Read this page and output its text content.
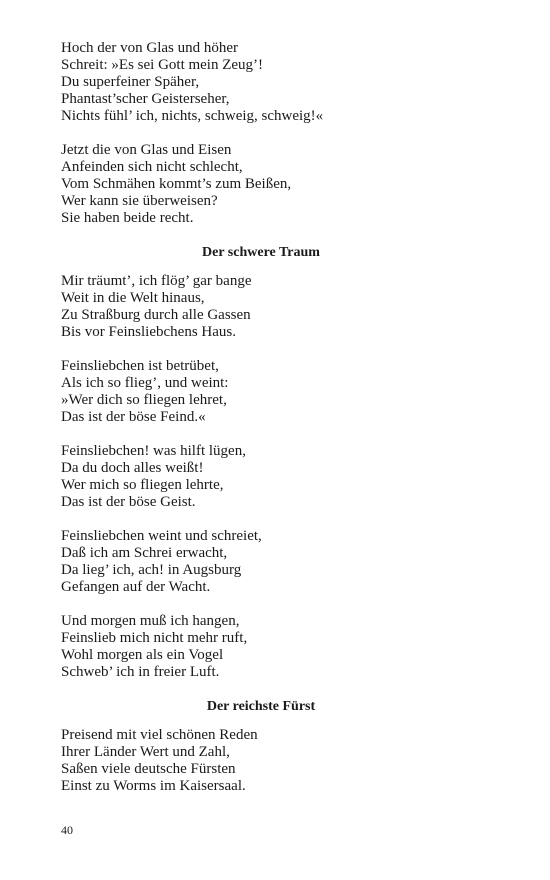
Hoch der von Glas und höher
Schreit: »Es sei Gott mein Zeug’!
Du superfeiner Späher,
Phantast’scher Geisterseher,
Nichts fühl’ ich, nichts, schweig, schweig!«
Jetzt die von Glas und Eisen
Anfeinden sich nicht schlecht,
Vom Schmähen kommt’s zum Beißen,
Wer kann sie überweisen?
Sie haben beide recht.
Der schwere Traum
Mir träumt’, ich flög’ gar bange
Weit in die Welt hinaus,
Zu Straßburg durch alle Gassen
Bis vor Feinsliebchens Haus.
Feinsliebchen ist betrübet,
Als ich so flieg’, und weint:
»Wer dich so fliegen lehret,
Das ist der böse Feind.«
Feinsliebchen! was hilft lügen,
Da du doch alles weißt!
Wer mich so fliegen lehrte,
Das ist der böse Geist.
Feinsliebchen weint und schreiet,
Daß ich am Schrei erwacht,
Da lieg’ ich, ach! in Augsburg
Gefangen auf der Wacht.
Und morgen muß ich hangen,
Feinslieb mich nicht mehr ruft,
Wohl morgen als ein Vogel
Schweb’ ich in freier Luft.
Der reichste Fürst
Preisend mit viel schönen Reden
Ihrer Länder Wert und Zahl,
Saßen viele deutsche Fürsten
Einst zu Worms im Kaisersaal.
40
